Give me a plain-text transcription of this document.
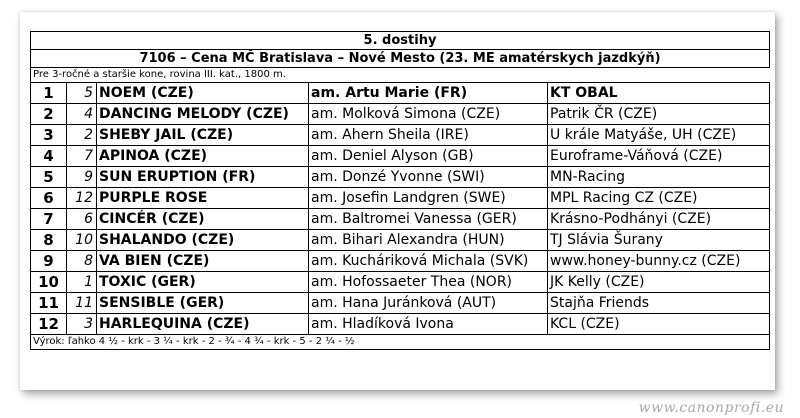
5. dostihy				
7106 – Cena MČ Bratislava – Nové Mesto (23. ME amatérskych jazdkýň)				
Pre 3-ročné a staršie kone, rovina III. kat., 1800 m.				
1	5	NOEM (CZE)	am. Artu Marie (FR)	KT OBAL
2	4	DANCING MELODY (CZE)	am. Molková Simona (CZE)	Patrik ČR (CZE)
3	2	SHEBY JAIL (CZE)	am. Ahern Sheila (IRE)	U krále Matyáše, UH (CZE)
4	7	APINOA (CZE)	am. Deniel Alyson (GB)	Euroframe-Váňová (CZE)
5	9	SUN ERUPTION (FR)	am. Donzé Yvonne (SWI)	MN-Racing
6	12	PURPLE ROSE	am. Josefin Landgren (SWE)	MPL Racing CZ (CZE)
7	6	CINCÉR (CZE)	am. Baltromei Vanessa (GER)	Krásno-Podhányi (CZE)
8	10	SHALANDO (CZE)	am. Bihari Alexandra (HUN)	TJ Slávia Šurany
9	8	VA BIEN (CZE)	am. Kucháriková Michala (SVK)	www.honey-bunny.cz (CZE)
10	1	TOXIC (GER)	am. Hofossaeter Thea (NOR)	JK Kelly (CZE)
11	11	SENSIBLE (GER)	am. Hana Juránková (AUT)	Stajňa Friends
12	3	HARLEQUINA (CZE)	am. Hladíková Ivona	KCL (CZE)
Výrok: ľahko 4 ½ - krk - 3 ¼ - krk - 2 - ¾ - 4 ¾ - krk - 5 - 2 ¼ - ½				
www.canonprofi.eu
